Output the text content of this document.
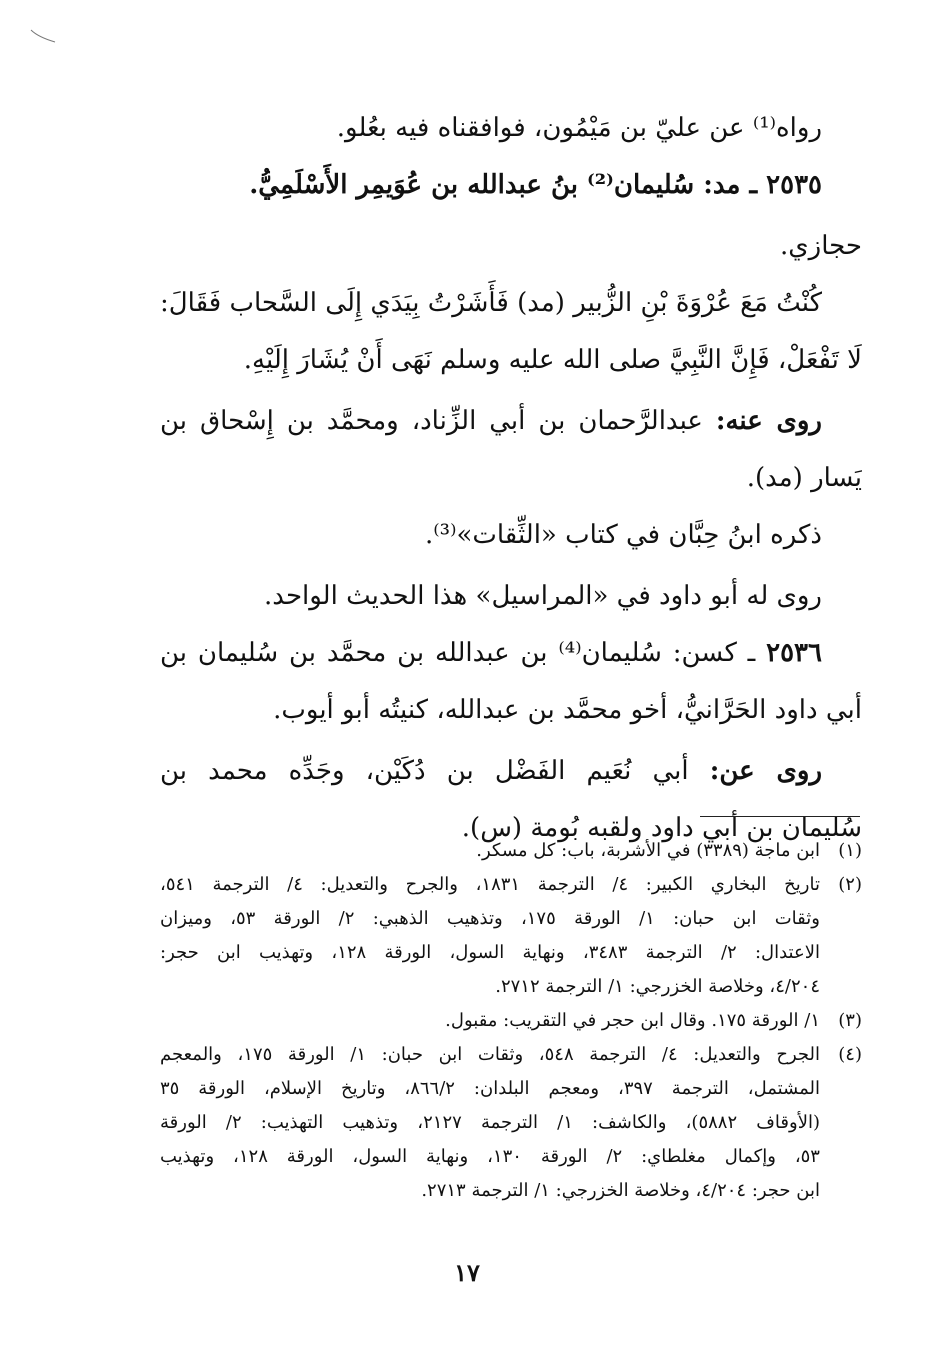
رواه⁽¹⁾ عن عليّ بن مَيْمُون، فوافقناه فيه بعُلو.

٢٥٣٥ ـ مد: سُليمان⁽²⁾ بنُ عبدالله بن عُوَيمِر الأَسْلَمِيُّ.

حجازي.

كُنْتُ مَعَ عُرْوَةَ بْنِ الزُّبير (مد) فَأَشَرْتُ بِيَدَي إِلَى السَّحاب فَقَالَ:

لَا تَفْعَلْ، فَإِنَّ النَّبِيَّ صلى الله عليه وسلم نَهَى أَنْ يُشَارَ إِلَيْهِ.

روى عنه: عبدالرَّحمان بن أبي الزِّناد، ومحمَّد بن إِسْحاق بن

يَسار (مد).

ذكره ابنُ حِبَّان في كتاب «الثِّقات»⁽³⁾.

روى له أبو داود في «المراسيل» هذا الحديث الواحد.

٢٥٣٦ ـ كسن: سُليمان⁽⁴⁾ بن عبدالله بن محمَّد بن سُليمان بن

أبي داود الحَرَّانيُّ، أخو محمَّد بن عبدالله، كنيتُه أبو أيوب.

روى عن: أبي نُعَيم الفَضْل بن دُكَيْن، وجَدِّه محمد بن

سُليمان بن أبي داود ولقبه بُومة (س).

(١)
ابن ماجة (٣٣٨٩) في الأشربة، باب: كل مسكر.
(٢)
تاريخ البخاري الكبير: ٤/ الترجمة ١٨٣١، والجرح والتعديل: ٤/ الترجمة ٥٤١،
وثقات ابن حبان: ١/ الورقة ١٧٥، وتذهيب الذهبي: ٢/ الورقة ٥٣، وميزان
الاعتدال: ٢/ الترجمة ٣٤٨٣، ونهاية السول، الورقة ١٢٨، وتهذيب ابن حجر:
٤/٢٠٤، وخلاصة الخزرجي: ١/ الترجمة ٢٧١٢.
(٣)
١/ الورقة ١٧٥. وقال ابن حجر في التقريب: مقبول.
(٤)
الجرح والتعديل: ٤/ الترجمة ٥٤٨، وثقات ابن حبان: ١/ الورقة ١٧٥، والمعجم
المشتمل، الترجمة ٣٩٧، ومعجم البلدان: ٨٦٦/٢، وتاريخ الإسلام، الورقة ٣٥
(الأوقاف ٥٨٨٢)، والكاشف: ١/ الترجمة ٢١٢٧، وتذهيب التهذيب: ٢/ الورقة
٥٣، وإكمال مغلطاي: ٢/ الورقة ١٣٠، ونهاية السول، الورقة ١٢٨، وتهذيب
ابن حجر: ٤/٢٠٤، وخلاصة الخزرجي: ١/ الترجمة ٢٧١٣.
١٧
